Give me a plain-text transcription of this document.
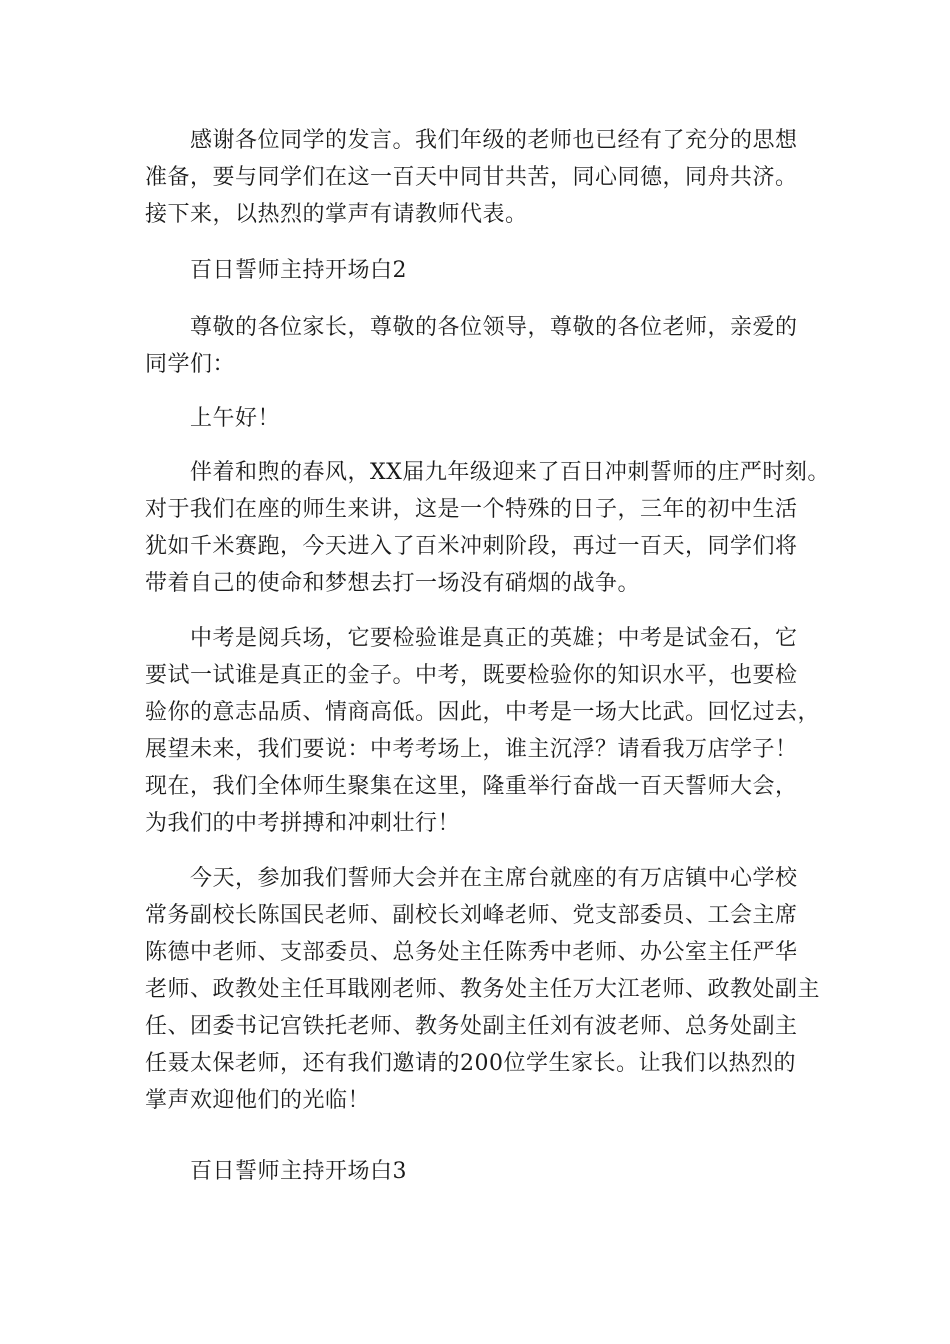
感谢各位同学的发言。我们年级的老师也已经有了充分的思想
准备，要与同学们在这一百天中同甘共苦，同心同德，同舟共济。
接下来，以热烈的掌声有请教师代表。
百日誓师主持开场白2
尊敬的各位家长，尊敬的各位领导，尊敬的各位老师，亲爱的
同学们：
上午好！
伴着和煦的春风，XX届九年级迎来了百日冲刺誓师的庄严时刻。
对于我们在座的师生来讲，这是一个特殊的日子，三年的初中生活
犹如千米赛跑，今天进入了百米冲刺阶段，再过一百天，同学们将
带着自己的使命和梦想去打一场没有硝烟的战争。
中考是阅兵场，它要检验谁是真正的英雄；中考是试金石，它
要试一试谁是真正的金子。中考，既要检验你的知识水平，也要检
验你的意志品质、情商高低。因此，中考是一场大比武。回忆过去，
展望未来，我们要说：中考考场上，谁主沉浮？请看我万店学子！
现在，我们全体师生聚集在这里，隆重举行奋战一百天誓师大会，
为我们的中考拼搏和冲刺壮行！
今天，参加我们誓师大会并在主席台就座的有万店镇中心学校
常务副校长陈国民老师、副校长刘峰老师、党支部委员、工会主席
陈德中老师、支部委员、总务处主任陈秀中老师、办公室主任严华
老师、政教处主任耳戢刚老师、教务处主任万大江老师、政教处副主
任、团委书记宫铁托老师、教务处副主任刘有波老师、总务处副主
任聂太保老师，还有我们邀请的200位学生家长。让我们以热烈的
掌声欢迎他们的光临！
百日誓师主持开场白3
